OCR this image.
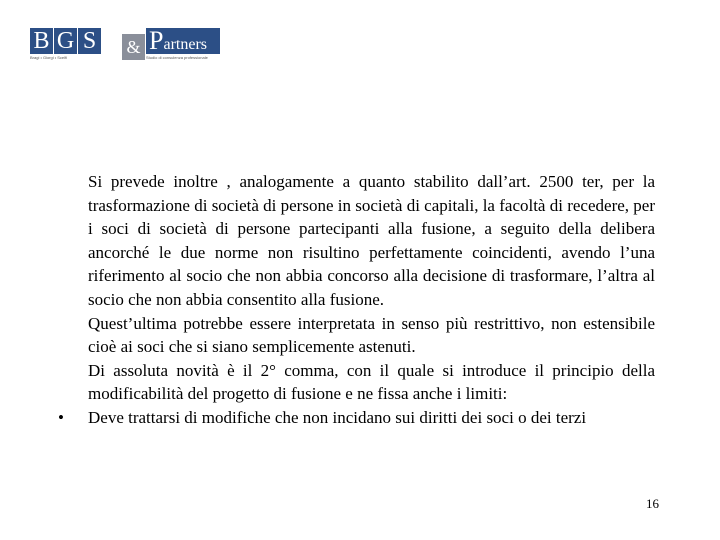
B G S & Partners
Bragi • Giorgi • Scelfi	Studio di consulenza professionale

Si prevede inoltre , analogamente a quanto stabilito dall’art. 2500 ter, per la trasformazione di società di persone in società di capitali, la facoltà di recedere, per i soci di società di persone partecipanti alla fusione, a seguito della delibera ancorché le due norme non risultino perfettamente coincidenti, avendo l’una riferimento al socio che non abbia concorso alla decisione di trasformare, l’altra al socio che non abbia consentito alla fusione.

Quest’ultima potrebbe essere interpretata in senso più restrittivo, non estensibile cioè ai soci che si siano semplicemente astenuti.

Di assoluta novità è il 2° comma, con il quale si introduce il principio della modificabilità del progetto di fusione e ne fissa anche i limiti:

• Deve trattarsi di modifiche che non incidano sui diritti dei soci o dei terzi

16
